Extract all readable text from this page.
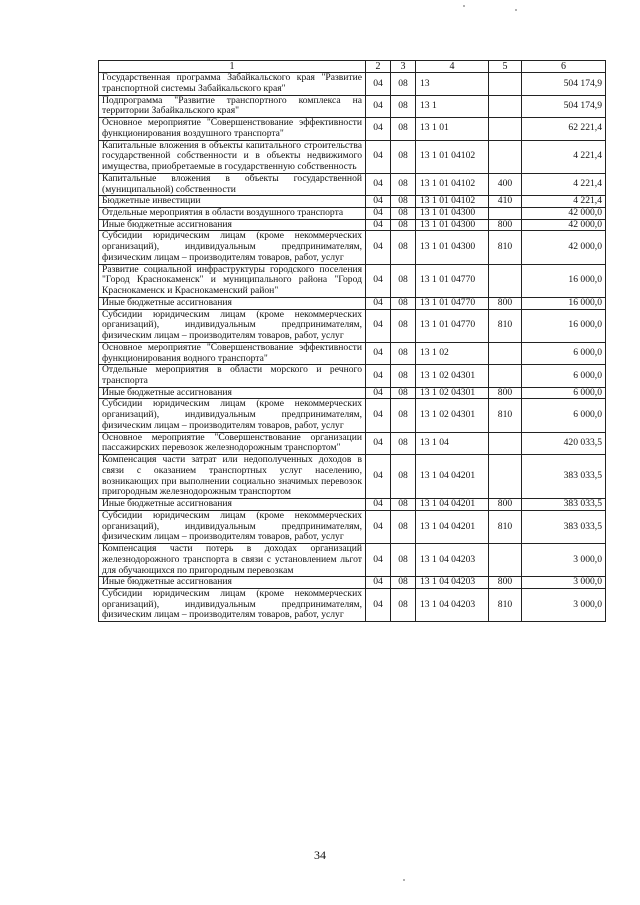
1	2	3	4	5	6
Государственная программа Забайкальского края "Развитие транспортной системы Забайкальского края"	04	08	13		504 174,9
Подпрограмма "Развитие транспортного комплекса на территории Забайкальского края"	04	08	13 1		504 174,9
Основное мероприятие "Совершенствование эффективности функционирования воздушного транспорта"	04	08	13 1 01		62 221,4
Капитальные вложения в объекты капитального строительства государственной собственности и в объекты недвижимого имущества, приобретаемые в государственную собственность	04	08	13 1 01 04102		4 221,4
Капитальные вложения в объекты государственной (муниципальной) собственности	04	08	13 1 01 04102	400	4 221,4
Бюджетные инвестиции	04	08	13 1 01 04102	410	4 221,4
Отдельные мероприятия в области воздушного транспорта	04	08	13 1 01 04300		42 000,0
Иные бюджетные ассигнования	04	08	13 1 01 04300	800	42 000,0
Субсидии юридическим лицам (кроме некоммерческих организаций), индивидуальным предпринимателям, физическим лицам – производителям товаров, работ, услуг	04	08	13 1 01 04300	810	42 000,0
Развитие социальной инфраструктуры городского поселения "Город Краснокаменск" и муниципального района "Город Краснокаменск и Краснокаменский район"	04	08	13 1 01 04770		16 000,0
Иные бюджетные ассигнования	04	08	13 1 01 04770	800	16 000,0
Субсидии юридическим лицам (кроме некоммерческих организаций), индивидуальным предпринимателям, физическим лицам – производителям товаров, работ, услуг	04	08	13 1 01 04770	810	16 000,0
Основное мероприятие "Совершенствование эффективности функционирования водного транспорта"	04	08	13 1 02		6 000,0
Отдельные мероприятия в области морского и речного транспорта	04	08	13 1 02 04301		6 000,0
Иные бюджетные ассигнования	04	08	13 1 02 04301	800	6 000,0
Субсидии юридическим лицам (кроме некоммерческих организаций), индивидуальным предпринимателям, физическим лицам – производителям товаров, работ, услуг	04	08	13 1 02 04301	810	6 000,0
Основное мероприятие "Совершенствование организации пассажирских перевозок железнодорожным транспортом"	04	08	13 1 04		420 033,5
Компенсация части затрат или недополученных доходов в связи с оказанием транспортных услуг населению, возникающих при выполнении социально значимых перевозок пригородным железнодорожным транспортом	04	08	13 1 04 04201		383 033,5
Иные бюджетные ассигнования	04	08	13 1 04 04201	800	383 033,5
Субсидии юридическим лицам (кроме некоммерческих организаций), индивидуальным предпринимателям, физическим лицам – производителям товаров, работ, услуг	04	08	13 1 04 04201	810	383 033,5
Компенсация части потерь в доходах организаций железнодорожного транспорта в связи с установлением льгот для обучающихся по пригородным перевозкам	04	08	13 1 04 04203		3 000,0
Иные бюджетные ассигнования	04	08	13 1 04 04203	800	3 000,0
Субсидии юридическим лицам (кроме некоммерческих организаций), индивидуальным предпринимателям, физическим лицам – производителям товаров, работ, услуг	04	08	13 1 04 04203	810	3 000,0
34
